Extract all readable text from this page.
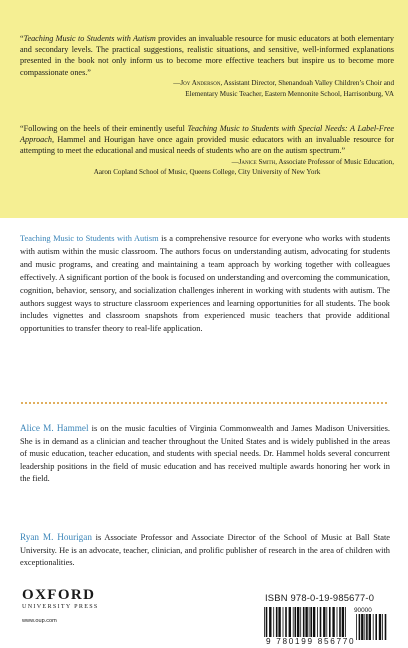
“Teaching Music to Students with Autism provides an invaluable resource for music educators at both elementary and secondary levels. The practical suggestions, realistic situations, and sensitive, well-informed explanations presented in the book not only inform us to become more effective teachers but inspire us to become more compassionate ones.”
—Joy Anderson, Assistant Director, Shenandoah Valley Children’s Choir and
Elementary Music Teacher, Eastern Mennonite School, Harrisonburg, VA
“Following on the heels of their eminently useful Teaching Music to Students with Special Needs: A Label-Free Approach, Hammel and Hourigan have once again provided music educators with an invaluable resource for attempting to meet the educational and musical needs of students who are on the autism spectrum.”
—Janice Smith, Associate Professor of Music Education,
Aaron Copland School of Music, Queens College, City University of New York
Teaching Music to Students with Autism is a comprehensive resource for everyone who works with students with autism within the music classroom. The authors focus on understanding autism, advocating for students and music programs, and creating and maintaining a team approach by working together with colleagues effectively. A significant portion of the book is focused on understanding and overcoming the communication, cognition, behavior, sensory, and socialization challenges inherent in working with students with autism. The authors suggest ways to structure classroom experiences and learning opportunities for all students. The book includes vignettes and classroom snapshots from experienced music teachers that provide additional opportunities to transfer theory to real-life application.
Alice M. Hammel is on the music faculties of Virginia Commonwealth and James Madison Universities. She is in demand as a clinician and teacher throughout the United States and is widely published in the areas of music education, teacher education, and students with special needs. Dr. Hammel holds several concurrent leadership positions in the field of music education and has received multiple awards honoring her work in the field.
Ryan M. Hourigan is Associate Professor and Associate Director of the School of Music at Ball State University. He is an advocate, teacher, clinician, and prolific publisher of research in the area of children with exceptionalities.
OXFORD
UNIVERSITY PRESS
www.oup.com
ISBN 978-0-19-985677-0
90000
9 780199 856770
